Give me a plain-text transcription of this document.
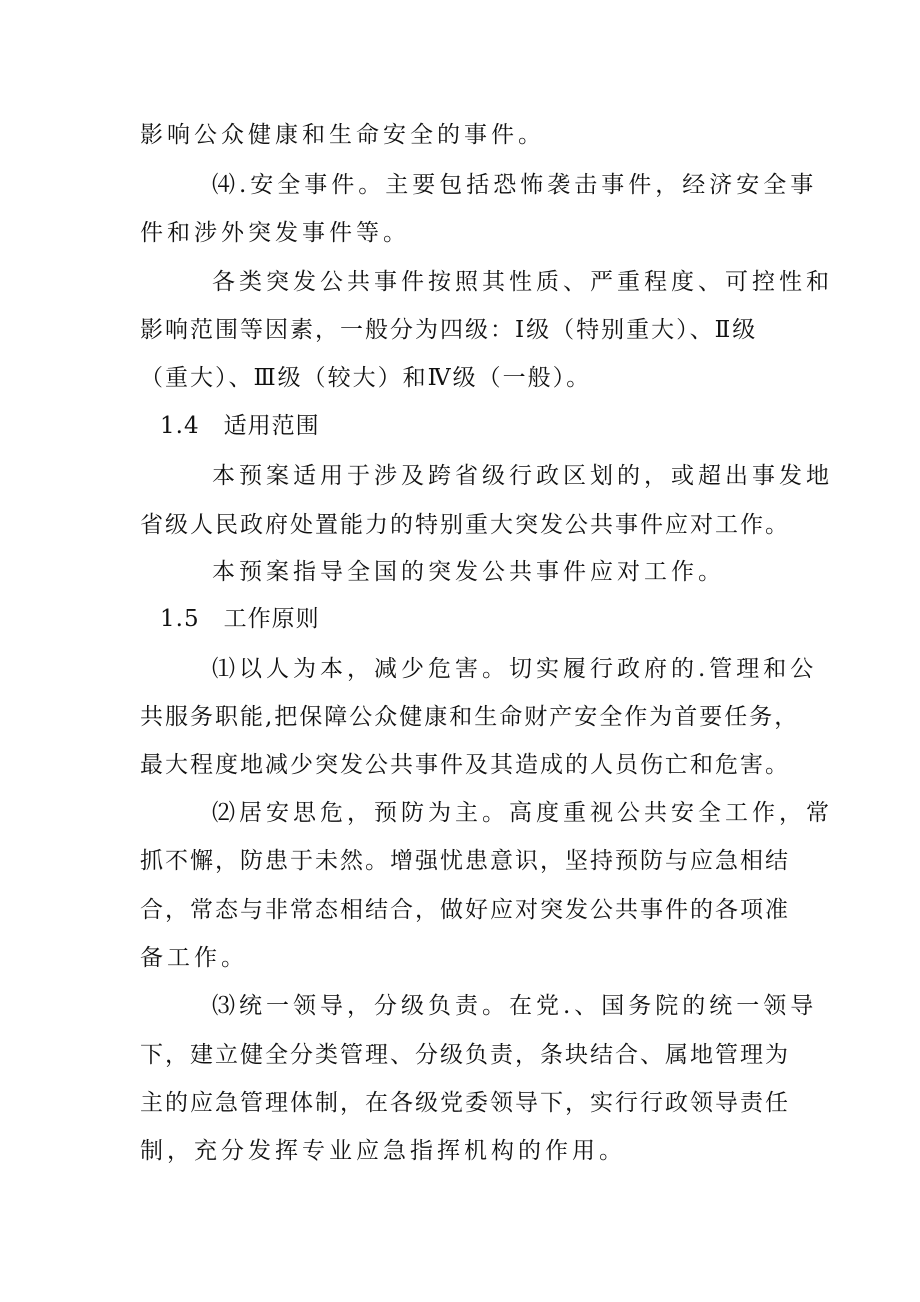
影响公众健康和生命安全的事件。
⑷.安全事件。主要包括恐怖袭击事件，经济安全事
件和涉外突发事件等。
各类突发公共事件按照其性质、严重程度、可控性和
影响范围等因素，一般分为四级：Ⅰ级（特别重大）、Ⅱ级
（重大）、Ⅲ级（较大）和Ⅳ级（一般）。
1.4　适用范围
本预案适用于涉及跨省级行政区划的，或超出事发地
省级人民政府处置能力的特别重大突发公共事件应对工作。
本预案指导全国的突发公共事件应对工作。
1.5　工作原则
⑴以人为本，减少危害。切实履行政府的.管理和公
共服务职能,把保障公众健康和生命财产安全作为首要任务，
最大程度地减少突发公共事件及其造成的人员伤亡和危害。
⑵居安思危，预防为主。高度重视公共安全工作，常
抓不懈，防患于未然。增强忧患意识，坚持预防与应急相结
合，常态与非常态相结合，做好应对突发公共事件的各项准
备工作。
⑶统一领导，分级负责。在党.、国务院的统一领导
下，建立健全分类管理、分级负责，条块结合、属地管理为
主的应急管理体制，在各级党委领导下，实行行政领导责任
制，充分发挥专业应急指挥机构的作用。
